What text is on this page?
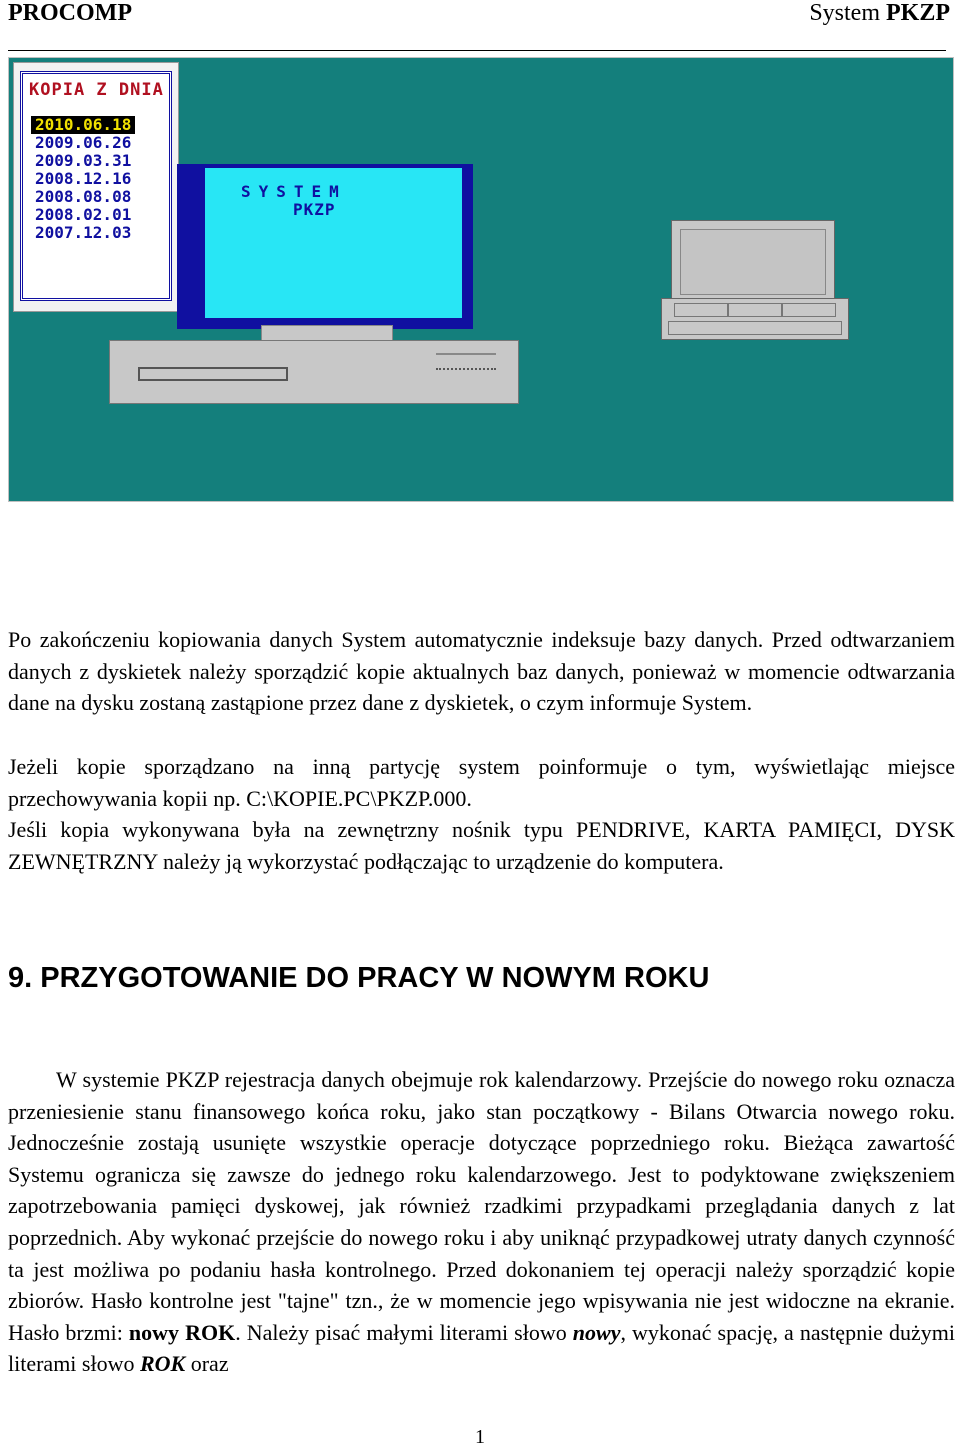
PROCOMP	System PKZP
KOPIA Z DNIA
2010.06.18
2009.06.26
2009.03.31
2008.12.16
2008.08.08
2008.02.01
2007.12.03
SYSTEM
PKZP

Po zakończeniu kopiowania danych System automatycznie indeksuje bazy danych. Przed odtwarzaniem danych z dyskietek należy sporządzić kopie aktualnych baz danych, ponieważ w momencie odtwarzania dane na dysku zostaną zastąpione przez dane z dyskietek, o czym informuje System.

Jeżeli kopie sporządzano na inną partycję system poinformuje o tym, wyświetlając miejsce przechowywania kopii np. C:\KOPIE.PC\PKZP.000.

Jeśli kopia wykonywana była na zewnętrzny nośnik typu PENDRIVE, KARTA PAMIĘCI, DYSK ZEWNĘTRZNY należy ją wykorzystać podłączając to urządzenie do komputera.

9. PRZYGOTOWANIE DO PRACY W NOWYM ROKU

W systemie PKZP rejestracja danych obejmuje rok kalendarzowy. Przejście do nowego roku oznacza przeniesienie stanu finansowego końca roku, jako stan początkowy - Bilans Otwarcia nowego roku. Jednocześnie zostają usunięte wszystkie operacje dotyczące poprzedniego roku. Bieżąca zawartość Systemu ogranicza się zawsze do jednego roku kalendarzowego. Jest to podyktowane zwiększeniem zapotrzebowania pamięci dyskowej, jak również rzadkimi przypadkami przeglądania danych z lat poprzednich. Aby wykonać przejście do nowego roku i aby uniknąć przypadkowej utraty danych czynność ta jest możliwa po podaniu hasła kontrolnego. Przed dokonaniem tej operacji należy sporządzić kopie zbiorów. Hasło kontrolne jest "tajne" tzn., że w momencie jego wpisywania nie jest widoczne na ekranie. Hasło brzmi: nowy ROK. Należy pisać małymi literami słowo nowy, wykonać spację, a następnie dużymi literami słowo ROK oraz

1
